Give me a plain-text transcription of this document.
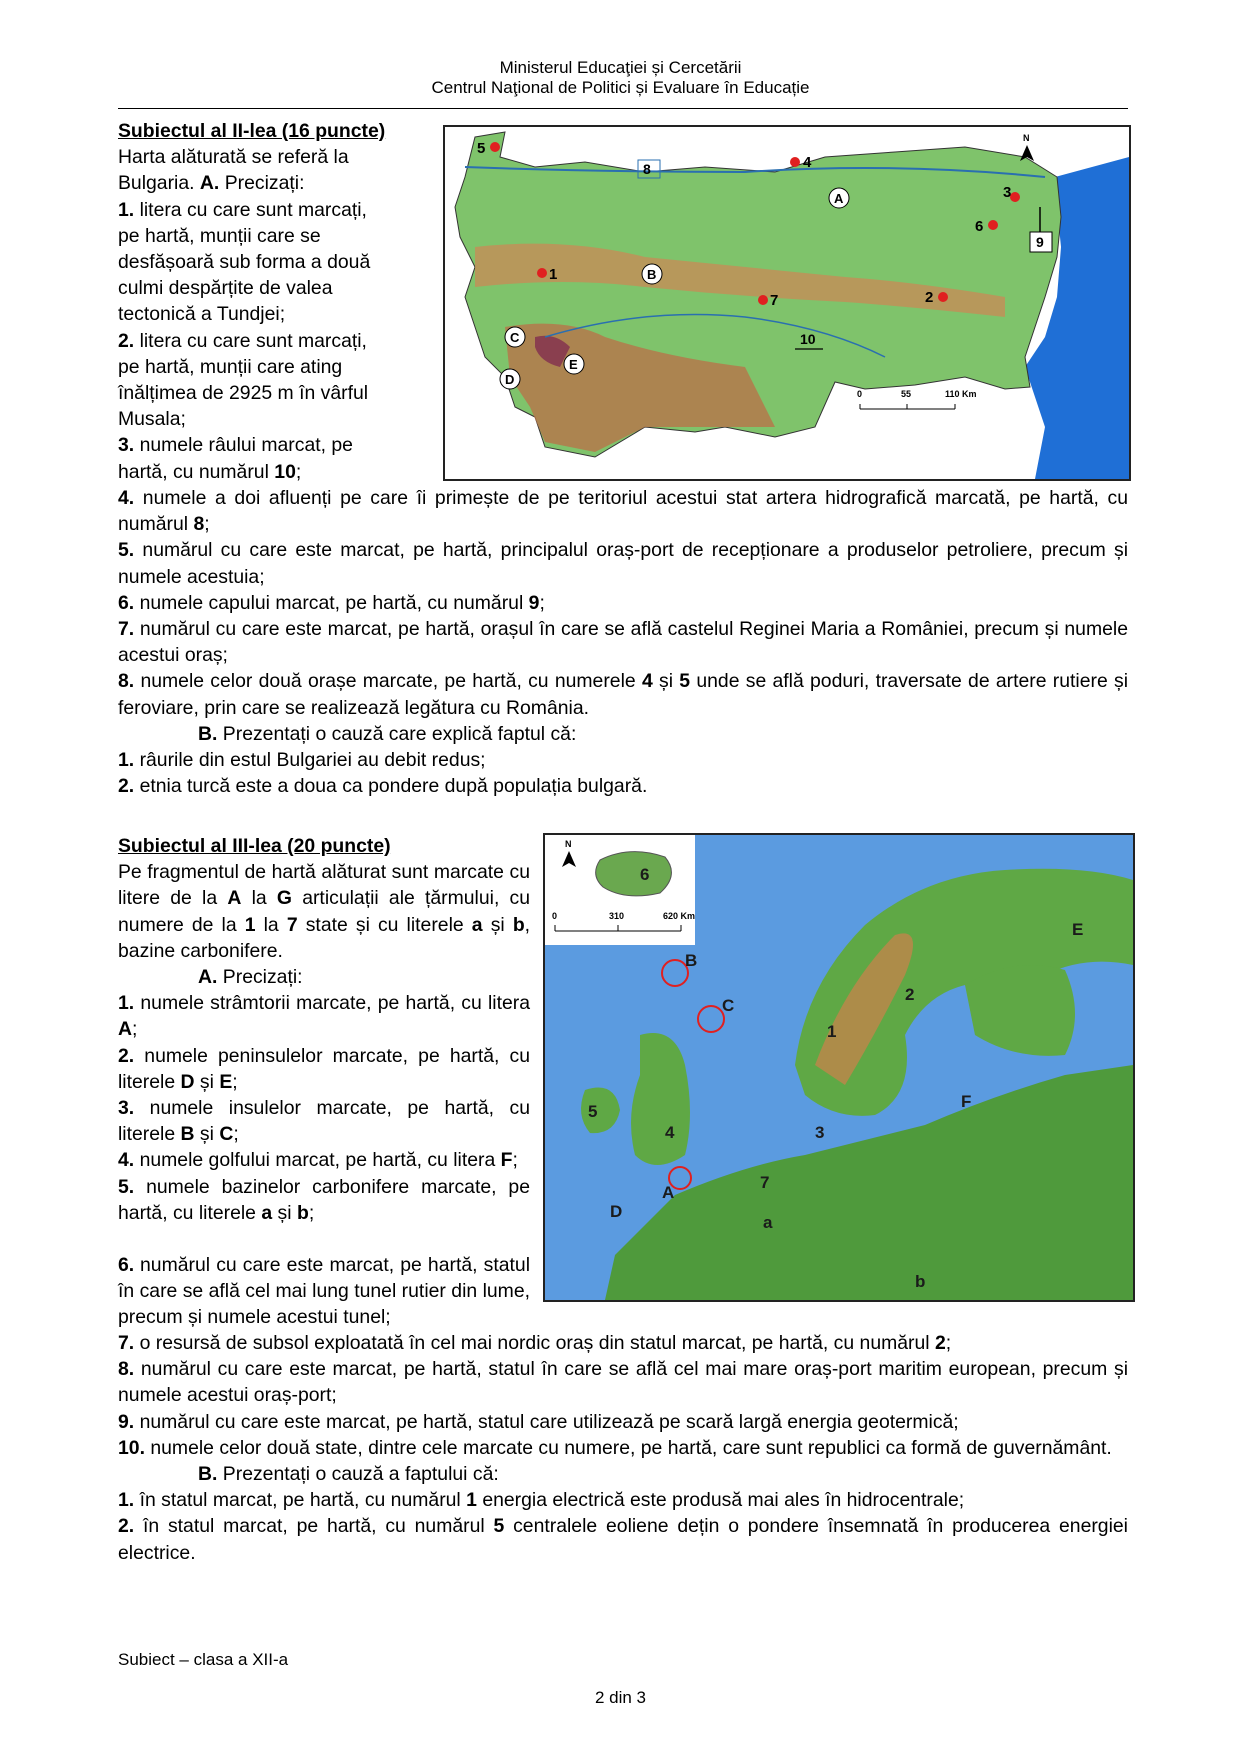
Ministerul Educaţiei și Cercetării
Centrul Naţional de Politici și Evaluare în Educație
Subiectul al II-lea (16 puncte)
Harta alăturată se referă la
Bulgaria. A. Precizați:
1. litera cu care sunt marcați,
pe hartă, munții care se
desfășoară sub forma a două
culmi despărțite de valea
tectonică a Tundjei;
2. litera cu care sunt marcați,
pe hartă, munții care ating
înălțimea de 2925 m în vârful
Musala;
3. numele râului marcat, pe
hartă, cu numărul 10;
5
4
3
6
2
7
1
8
9
10
A
B
C
D
E
N
0	55	110 Km
4. numele a doi afluenți pe care îi primește de pe teritoriul acestui stat artera hidrografică marcată, pe hartă, cu numărul 8;
5. numărul cu care este marcat, pe hartă, principalul oraș-port de recepționare a produselor petroliere, precum și numele acestuia;
6. numele capului marcat, pe hartă, cu numărul 9;
7. numărul cu care este marcat, pe hartă, orașul în care se află castelul Reginei Maria a României, precum și numele acestui oraș;
8. numele celor două orașe marcate, pe hartă, cu numerele 4 și 5 unde se află poduri, traversate de artere rutiere și feroviare, prin care se realizează legătura cu România.
B. Prezentați o cauză care explică faptul că:
1. râurile din estul Bulgariei au debit redus;
2. etnia turcă este a doua ca pondere după populația bulgară.
Subiectul al III-lea (20 puncte)
Pe fragmentul de hartă alăturat sunt marcate cu litere de la A la G articulații ale țărmului, cu numere de la 1 la 7 state și cu literele a și b, bazine carbonifere.
A. Precizați:
1. numele strâmtorii marcate, pe hartă, cu litera A;
2. numele peninsulelor marcate, pe hartă, cu literele D și E;
3. numele insulelor marcate, pe hartă, cu literele B și C;
4. numele golfului marcat, pe hartă, cu litera F;
5. numele bazinelor carbonifere marcate, pe hartă, cu literele a și b;
B
C
A
D
E
F
a
b
1
2
3
4
5
6
7
N
0	310	620 Km
6. numărul cu care este marcat, pe hartă, statul în care se află cel mai lung tunel rutier din lume, precum și numele acestui tunel;
7. o resursă de subsol exploatată în cel mai nordic oraș din statul marcat, pe hartă, cu numărul 2;
8. numărul cu care este marcat, pe hartă, statul în care se află cel mai mare oraș-port maritim european, precum și numele acestui oraș-port;
9. numărul cu care este marcat, pe hartă, statul care utilizează pe scară largă energia geotermică;
10. numele celor două state, dintre cele marcate cu numere, pe hartă, care sunt republici ca formă de guvernământ.
B. Prezentați o cauză a faptului că:
1. în statul marcat, pe hartă, cu numărul 1 energia electrică este produsă mai ales în hidrocentrale;
2. în statul marcat, pe hartă, cu numărul 5 centralele eoliene dețin o pondere însemnată în producerea energiei electrice.
Subiect – clasa a XII-a
2 din 3
